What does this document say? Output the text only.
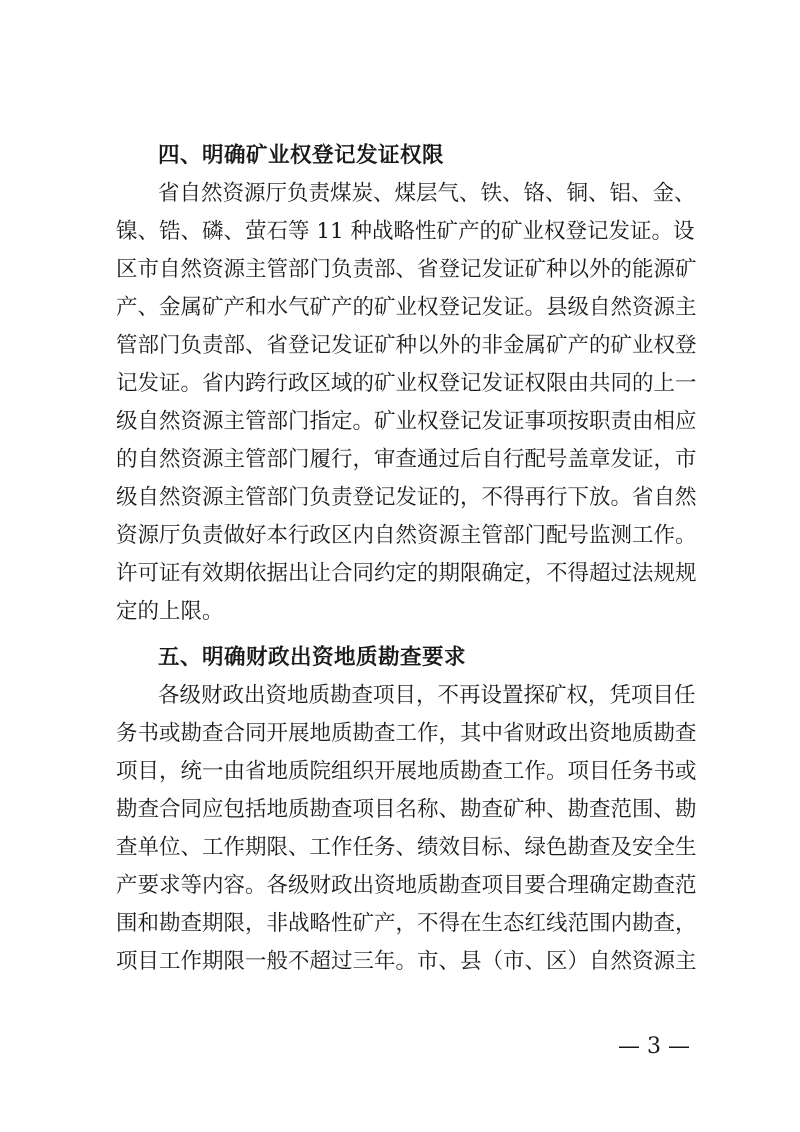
四、明确矿业权登记发证权限
省自然资源厅负责煤炭、煤层气、铁、铬、铜、铝、金、
镍、锆、磷、萤石等 11 种战略性矿产的矿业权登记发证。设
区市自然资源主管部门负责部、省登记发证矿种以外的能源矿
产、金属矿产和水气矿产的矿业权登记发证。县级自然资源主
管部门负责部、省登记发证矿种以外的非金属矿产的矿业权登
记发证。省内跨行政区域的矿业权登记发证权限由共同的上一
级自然资源主管部门指定。矿业权登记发证事项按职责由相应
的自然资源主管部门履行，审查通过后自行配号盖章发证，市
级自然资源主管部门负责登记发证的，不得再行下放。省自然
资源厅负责做好本行政区内自然资源主管部门配号监测工作。
许可证有效期依据出让合同约定的期限确定，不得超过法规规
定的上限。
五、明确财政出资地质勘查要求
各级财政出资地质勘查项目，不再设置探矿权，凭项目任
务书或勘查合同开展地质勘查工作，其中省财政出资地质勘查
项目，统一由省地质院组织开展地质勘查工作。项目任务书或
勘查合同应包括地质勘查项目名称、勘查矿种、勘查范围、勘
查单位、工作期限、工作任务、绩效目标、绿色勘查及安全生
产要求等内容。各级财政出资地质勘查项目要合理确定勘查范
围和勘查期限，非战略性矿产，不得在生态红线范围内勘查，
项目工作期限一般不超过三年。市、县（市、区）自然资源主
— 3 —
